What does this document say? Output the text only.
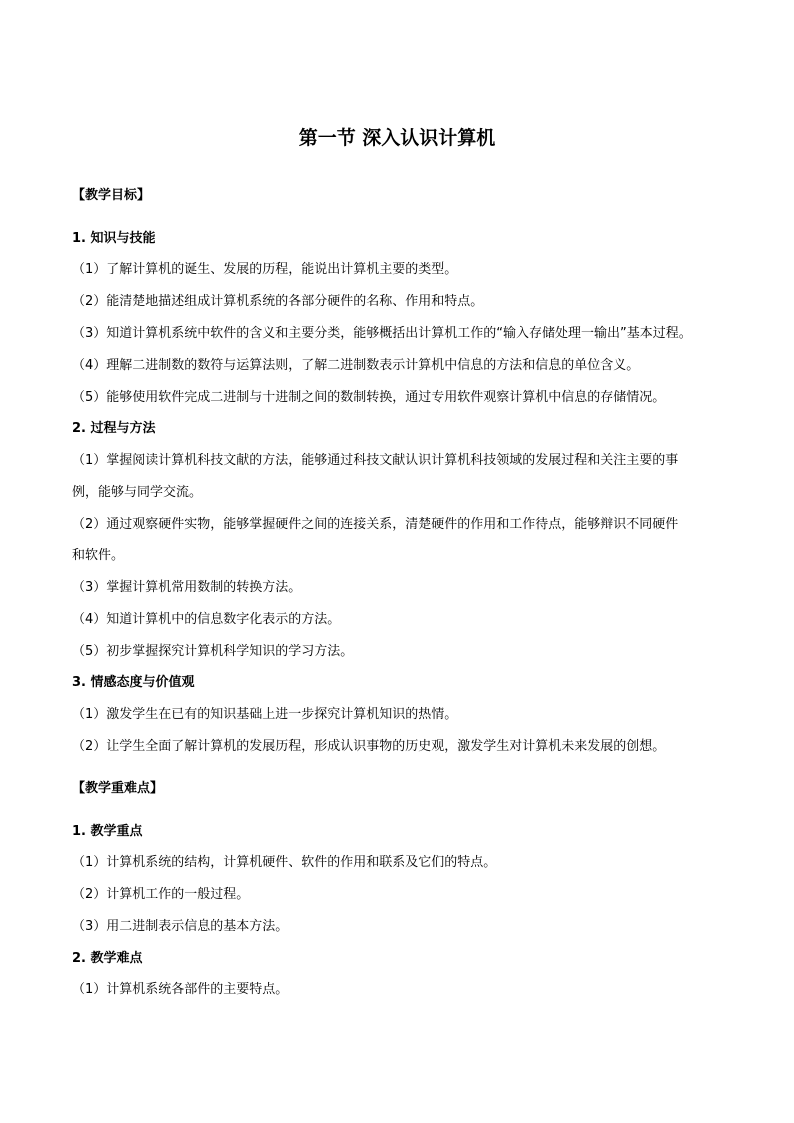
第一节 深入认识计算机
【教学目标】
1. 知识与技能
（1）了解计算机的诞生、发展的历程，能说出计算机主要的类型。
（2）能清楚地描述组成计算机系统的各部分硬件的名称、作用和特点。
（3）知道计算机系统中软件的含义和主要分类，能够概括出计算机工作的“输入存储处理一输出”基本过程。
（4）理解二进制数的数符与运算法则，了解二进制数表示计算机中信息的方法和信息的单位含义。
（5）能够使用软件完成二进制与十进制之间的数制转换，通过专用软件观察计算机中信息的存储情况。
2. 过程与方法
（1）掌握阅读计算机科技文献的方法，能够通过科技文献认识计算机科技领域的发展过程和关注主要的事
例，能够与同学交流。
（2）通过观察硬件实物，能够掌握硬件之间的连接关系，清楚硬件的作用和工作待点，能够辩识不同硬件
和软件。
（3）掌握计算机常用数制的转换方法。
（4）知道计算机中的信息数字化表示的方法。
（5）初步掌握探究计算机科学知识的学习方法。
3. 情感态度与价值观
（1）激发学生在已有的知识基础上进一步探究计算机知识的热情。
（2）让学生全面了解计算机的发展历程，形成认识事物的历史观，激发学生对计算机未来发展的创想。
【教学重难点】
1. 教学重点
（1）计算机系统的结构，计算机硬件、软件的作用和联系及它们的特点。
（2）计算机工作的一般过程。
（3）用二进制表示信息的基本方法。
2. 教学难点
（1）计算机系统各部件的主要特点。
